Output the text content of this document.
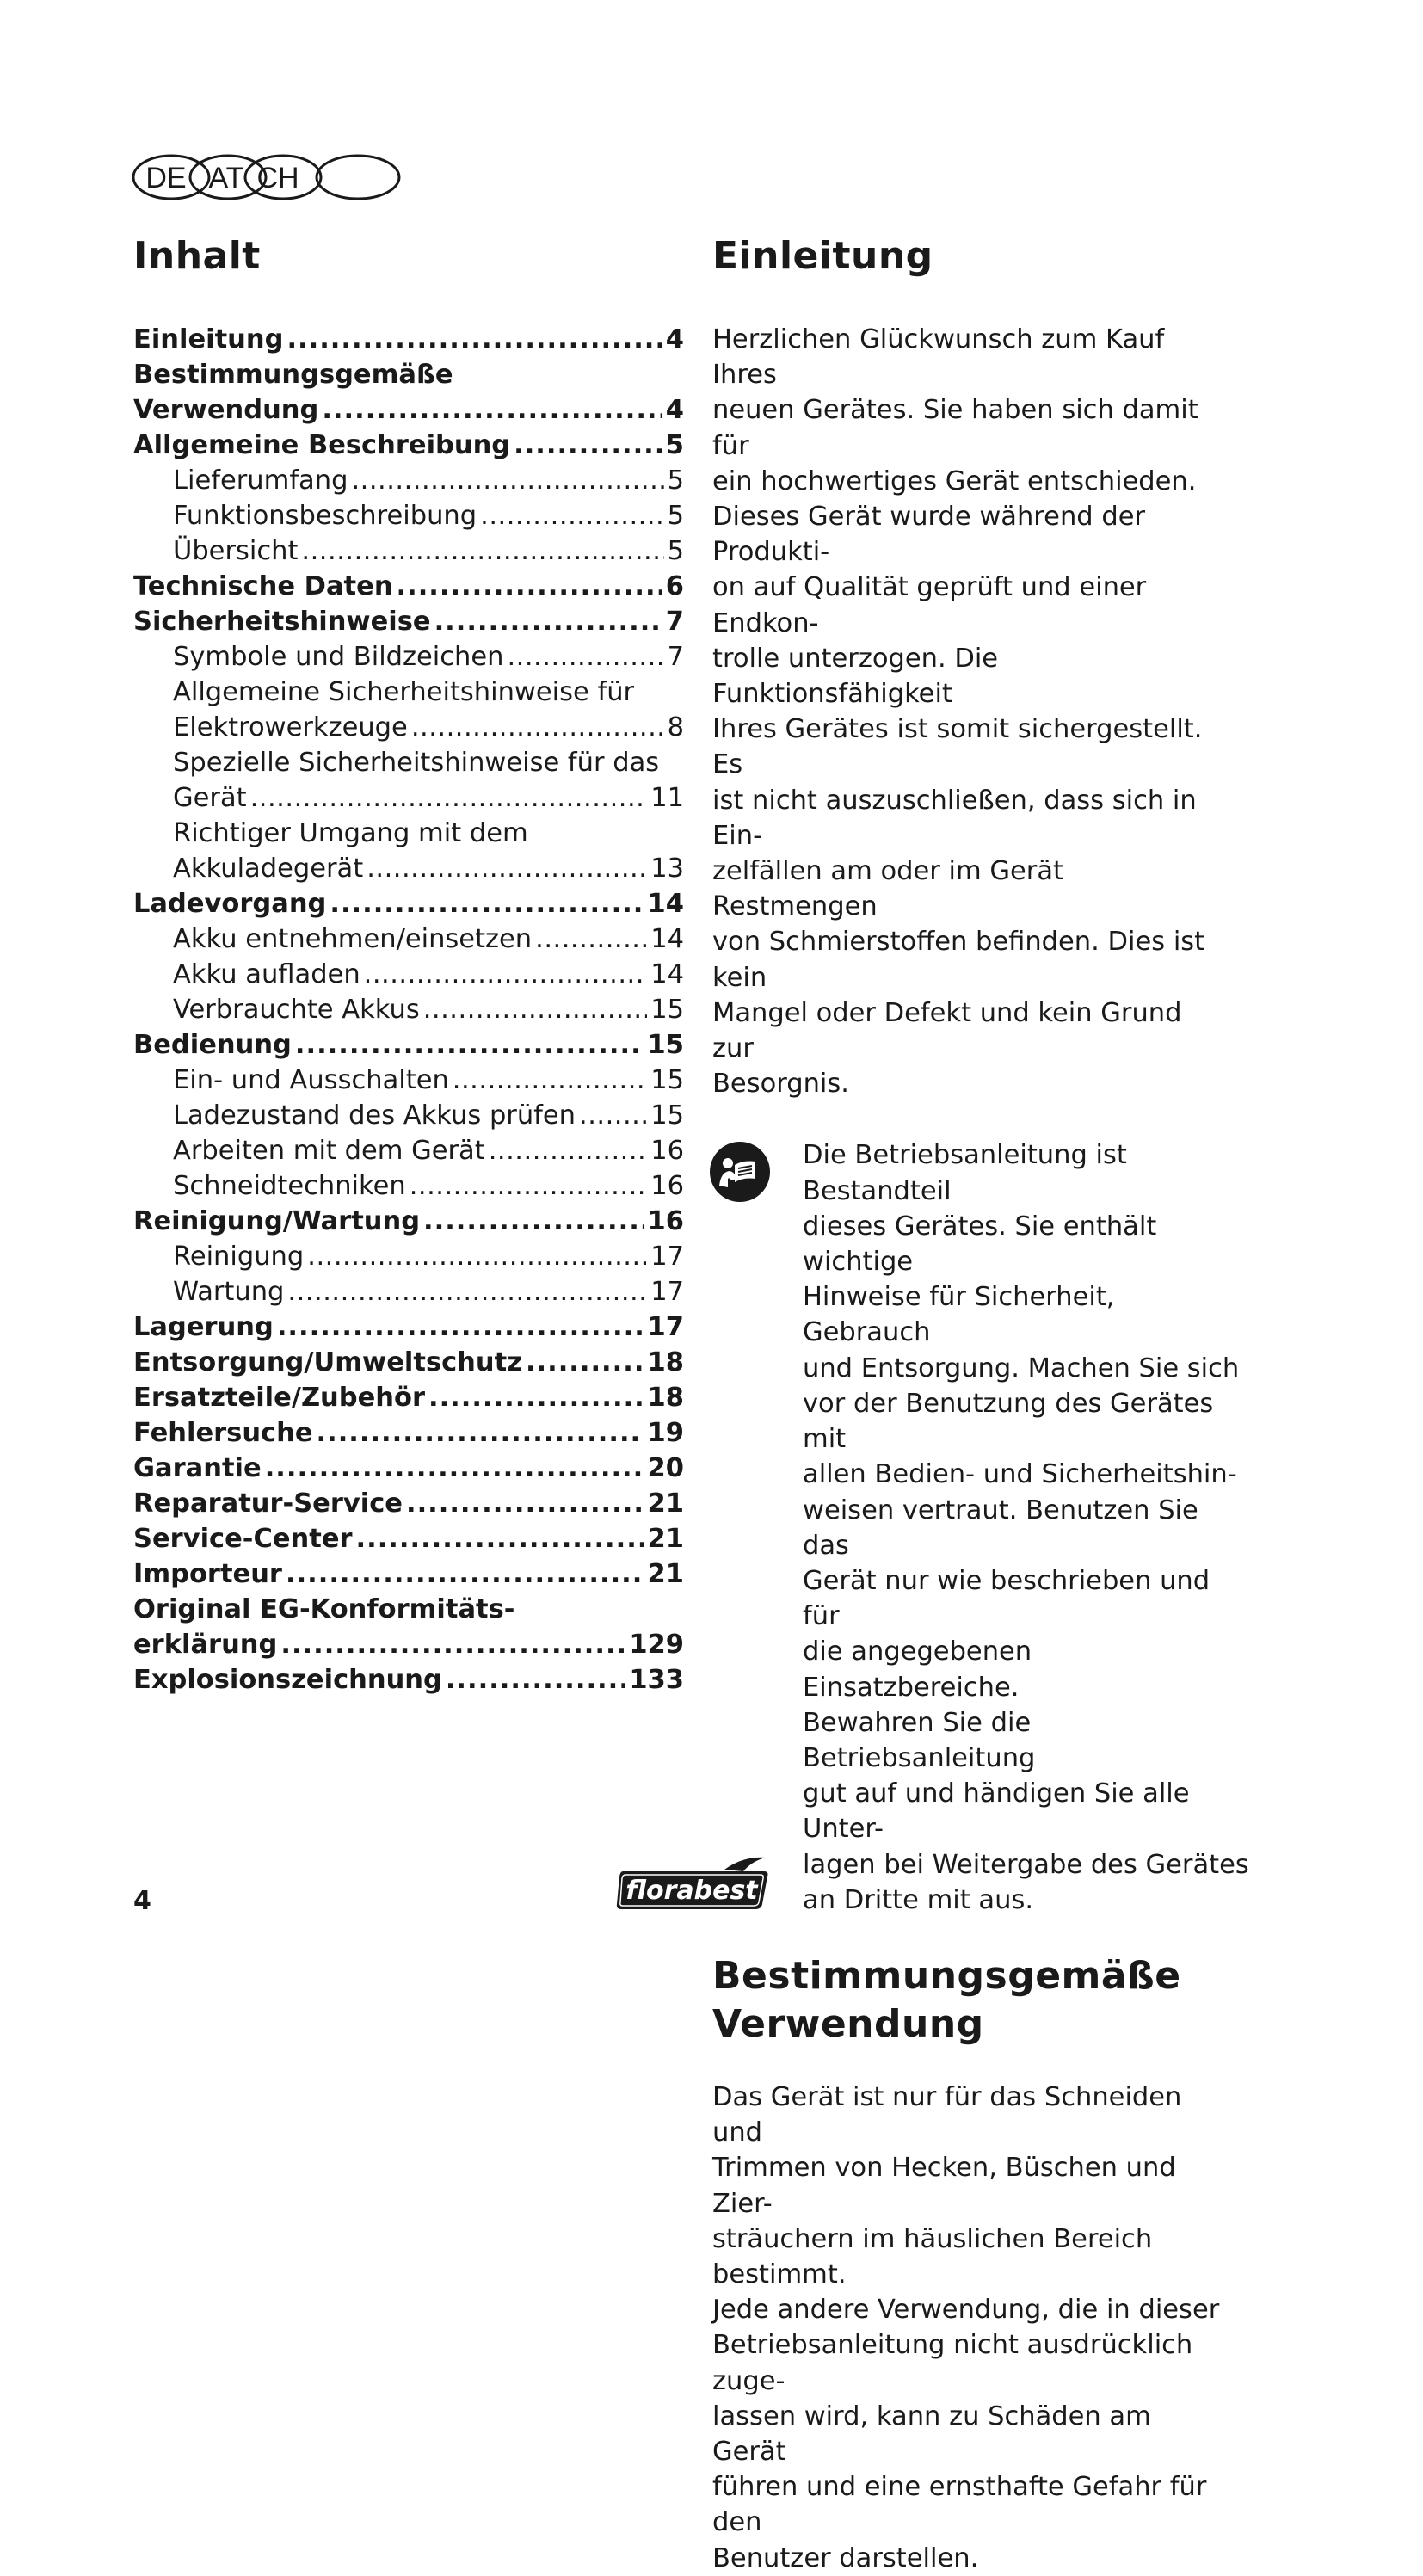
DE AT CH
Inhalt
Einleitung .....	4
Bestimmungsgemäße
Verwendung .....	4
Allgemeine Beschreibung .....	5
Lieferumfang .....	5
Funktionsbeschreibung .....	5
Übersicht .....	5
Technische Daten .....	6
Sicherheitshinweise .....	7
Symbole und Bildzeichen .....	7
Allgemeine Sicherheitshinweise für
Elektrowerkzeuge .....	8
Spezielle Sicherheitshinweise für das
Gerät .....	11
Richtiger Umgang mit dem
Akkuladegerät .....	13
Ladevorgang .....	14
Akku entnehmen/einsetzen .....	14
Akku aufladen .....	14
Verbrauchte Akkus .....	15
Bedienung .....	15
Ein- und Ausschalten .....	15
Ladezustand des Akkus prüfen .....	15
Arbeiten mit dem Gerät .....	16
Schneidtechniken .....	16
Reinigung/Wartung .....	16
Reinigung .....	17
Wartung .....	17
Lagerung .....	17
Entsorgung/Umweltschutz .....	18
Ersatzteile/Zubehör .....	18
Fehlersuche .....	19
Garantie .....	20
Reparatur-Service .....	21
Service-Center .....	21
Importeur .....	21
Original EG-Konformitäts-
erklärung .....	129
Explosionszeichnung .....	133
Einleitung
Herzlichen Glückwunsch zum Kauf Ihres
neuen Gerätes. Sie haben sich damit für
ein hochwertiges Gerät entschieden.
Dieses Gerät wurde während der Produkti-
on auf Qualität geprüft und einer Endkon-
trolle unterzogen. Die Funktionsfähigkeit
Ihres Gerätes ist somit sichergestellt. Es
ist nicht auszuschließen, dass sich in Ein-
zelfällen am oder im Gerät Restmengen
von Schmierstoffen befinden. Dies ist kein
Mangel oder Defekt und kein Grund zur
Besorgnis.
Die Betriebsanleitung ist Bestandteil
dieses Gerätes. Sie enthält wichtige
Hinweise für Sicherheit, Gebrauch
und Entsorgung. Machen Sie sich
vor der Benutzung des Gerätes mit
allen Bedien- und Sicherheitshin-
weisen vertraut. Benutzen Sie das
Gerät nur wie beschrieben und für
die angegebenen Einsatzbereiche.
Bewahren Sie die Betriebsanleitung
gut auf und händigen Sie alle Unter-
lagen bei Weitergabe des Gerätes
an Dritte mit aus.
Bestimmungsgemäße
Verwendung
Das Gerät ist nur für das Schneiden und
Trimmen von Hecken, Büschen und Zier-
sträuchern im häuslichen Bereich bestimmt.
Jede andere Verwendung, die in dieser
Betriebsanleitung nicht ausdrücklich zuge-
lassen wird, kann zu Schäden am Gerät
führen und eine ernsthafte Gefahr für den
Benutzer darstellen.
4	florabest
